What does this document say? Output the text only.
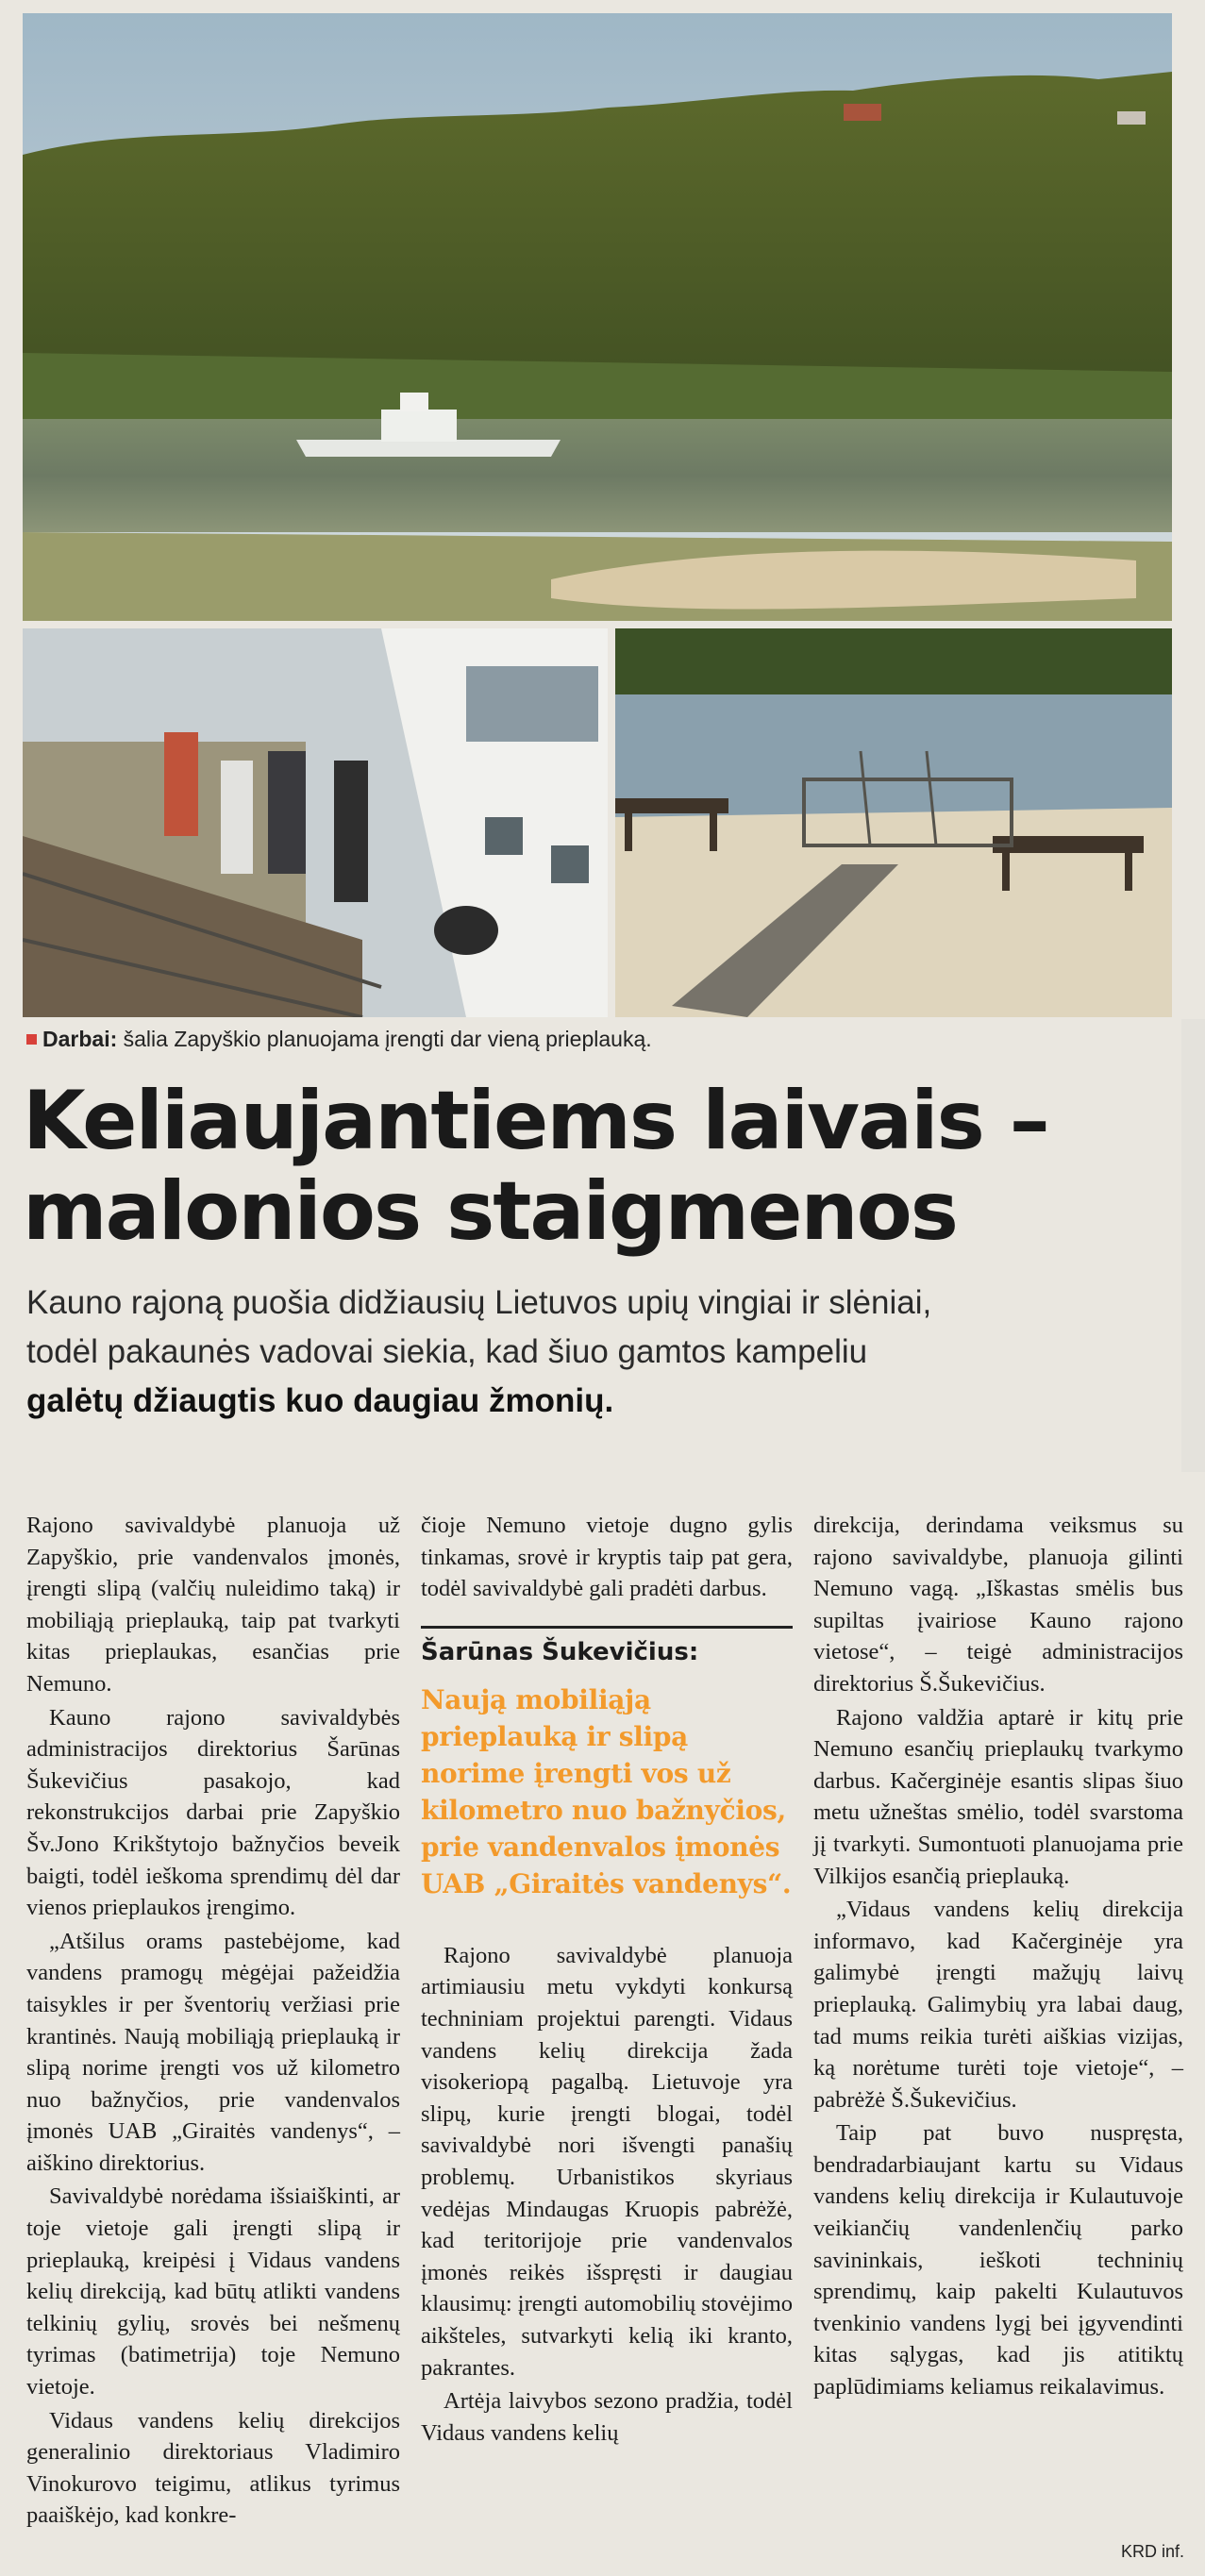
Darbai: šalia Zapyškio planuojama įrengti dar vieną prieplauką.
Keliaujantiems laivais –
malonios staigmenos
Kauno rajoną puošia didžiausių Lietuvos upių vingiai ir slėniai,
todėl pakaunės vadovai siekia, kad šiuo gamtos kampeliu
galėtų džiaugtis kuo daugiau žmonių.

Rajono savivaldybė planuoja už Zapyškio, prie vandenvalos įmonės, įrengti slipą (valčių nuleidimo taką) ir mobiliąją prieplauką, taip pat tvarkyti kitas prieplaukas, esančias prie Nemuno.

Kauno rajono savivaldybės administracijos direktorius Šarūnas Šukevičius pasakojo, kad rekonstrukcijos darbai prie Zapyškio Šv.Jono Krikštytojo bažnyčios beveik baigti, todėl ieškoma sprendimų dėl dar vienos prieplaukos įrengimo.

„Atšilus orams pastebėjome, kad vandens pramogų mėgėjai pažeidžia taisykles ir per šventorių veržiasi prie krantinės. Naują mobiliąją prieplauką ir slipą norime įrengti vos už kilometro nuo bažnyčios, prie vandenvalos įmonės UAB „Giraitės vandenys“, – aiškino direktorius.

Savivaldybė norėdama išsiaiškinti, ar toje vietoje gali įrengti slipą ir prieplauką, kreipėsi į Vidaus vandens kelių direkciją, kad būtų atlikti vandens telkinių gylių, srovės bei nešmenų tyrimas (batimetrija) toje Nemuno vietoje.

Vidaus vandens kelių direkcijos generalinio direktoriaus Vladimiro Vinokurovo teigimu, atlikus tyrimus paaiškėjo, kad konkre-

čioje Nemuno vietoje dugno gylis tinkamas, srovė ir kryptis taip pat gera, todėl savivaldybė gali pradėti darbus.

Šarūnas Šukevičius:
Naują mobiliąją prieplauką ir slipą norime įrengti vos už kilometro nuo bažnyčios, prie vandenvalos įmonės UAB „Giraitės vandenys“.

Rajono savivaldybė planuoja artimiausiu metu vykdyti konkursą techniniam projektui parengti. Vidaus vandens kelių direkcija žada visokeriopą pagalbą. Lietuvoje yra slipų, kurie įrengti blogai, todėl savivaldybė nori išvengti panašių problemų. Urbanistikos skyriaus vedėjas Mindaugas Kruopis pabrėžė, kad teritorijoje prie vandenvalos įmonės reikės išspręsti ir daugiau klausimų: įrengti automobilių stovėjimo aikšteles, sutvarkyti kelią iki kranto, pakrantes.

Artėja laivybos sezono pradžia, todėl Vidaus vandens kelių

direkcija, derindama veiksmus su rajono savivaldybe, planuoja gilinti Nemuno vagą. „Iškastas smėlis bus supiltas įvairiose Kauno rajono vietose“, – teigė administracijos direktorius Š.Šukevičius.

Rajono valdžia aptarė ir kitų prie Nemuno esančių prieplaukų tvarkymo darbus. Kačerginėje esantis slipas šiuo metu užneštas smėlio, todėl svarstoma jį tvarkyti. Sumontuoti planuojama prie Vilkijos esančią prieplauką.

„Vidaus vandens kelių direkcija informavo, kad Kačerginėje yra galimybė įrengti mažųjų laivų prieplauką. Galimybių yra labai daug, tad mums reikia turėti aiškias vizijas, ką norėtume turėti toje vietoje“, – pabrėžė Š.Šukevičius.

Taip pat buvo nuspręsta, bendradarbiaujant kartu su Vidaus vandens kelių direkcija ir Kulautuvoje veikiančių vandenlenčių parko savininkais, ieškoti techninių sprendimų, kaip pakelti Kulautuvos tvenkinio vandens lygį bei įgyvendinti kitas sąlygas, kad jis atitiktų paplūdimiams keliamus reikalavimus.

KRD inf.
